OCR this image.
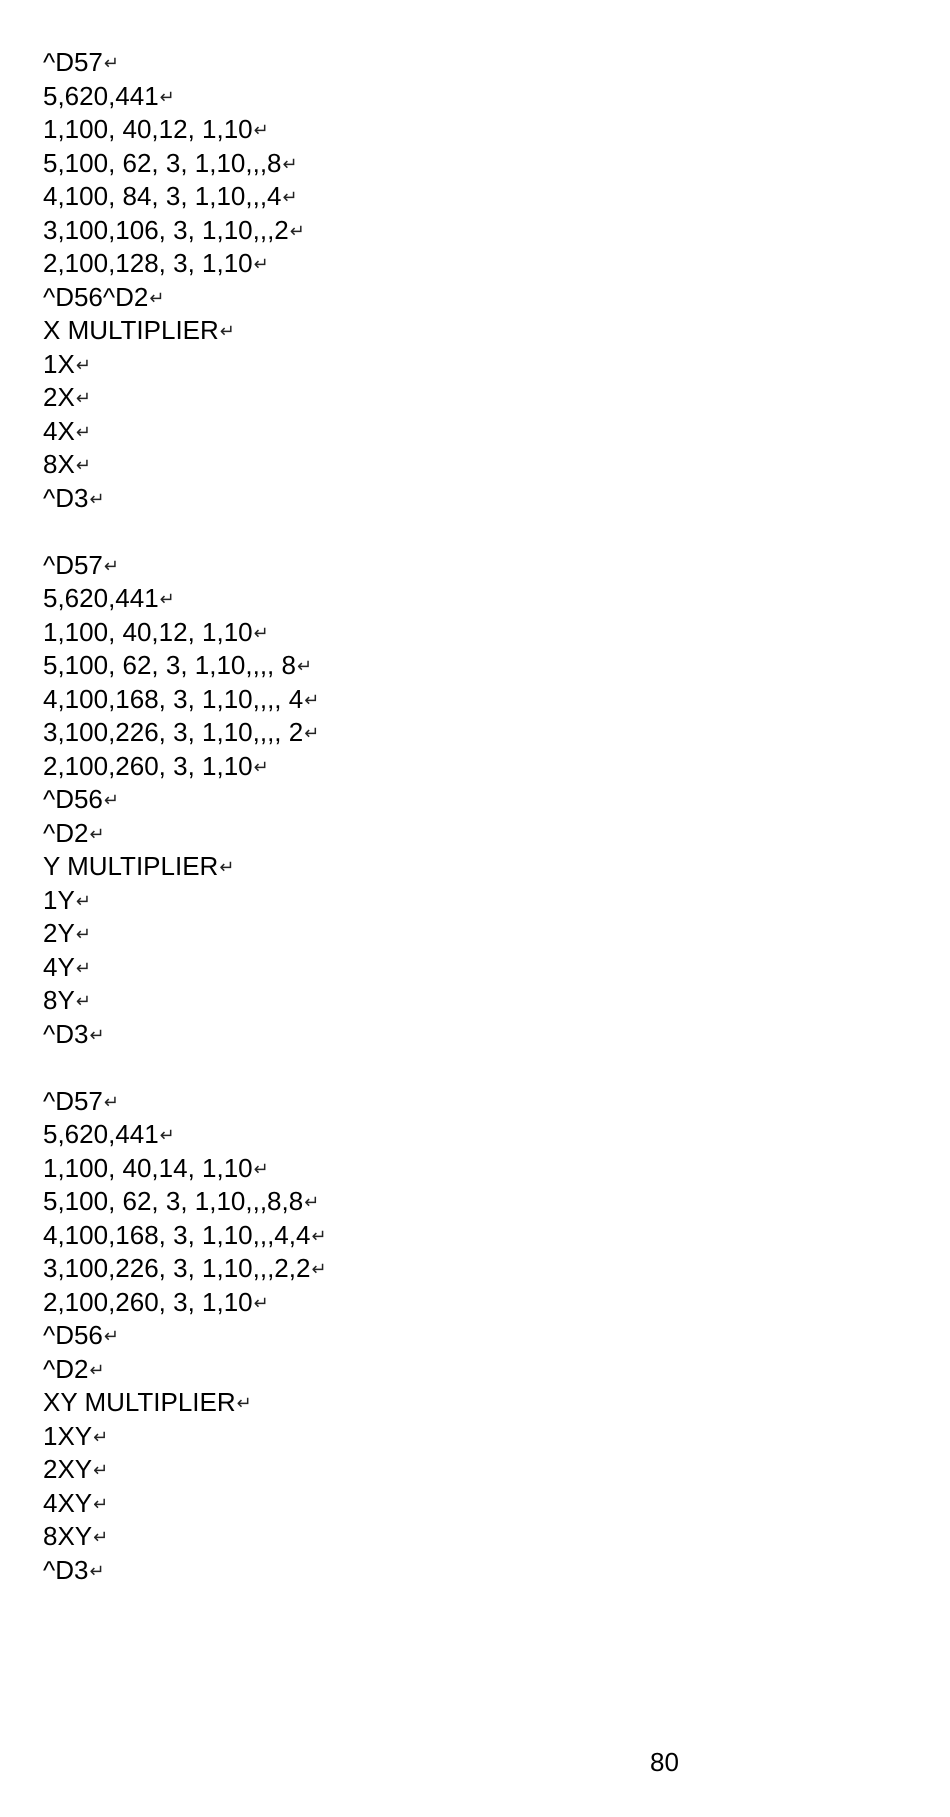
^D57↵
5,620,441↵
1,100, 40,12, 1,10↵
5,100, 62, 3, 1,10,,,8↵
4,100, 84, 3, 1,10,,,4↵
3,100,106, 3, 1,10,,,2↵
2,100,128, 3, 1,10↵
^D56^D2↵
X MULTIPLIER↵
1X↵
2X↵
4X↵
8X↵
^D3↵
^D57↵
5,620,441↵
1,100, 40,12, 1,10↵
5,100, 62, 3, 1,10,,,, 8↵
4,100,168, 3, 1,10,,,, 4↵
3,100,226, 3, 1,10,,,, 2↵
2,100,260, 3, 1,10↵
^D56↵
^D2↵
Y MULTIPLIER↵
1Y↵
2Y↵
4Y↵
8Y↵
^D3↵
^D57↵
5,620,441↵
1,100, 40,14, 1,10↵
5,100, 62, 3, 1,10,,,8,8↵
4,100,168, 3, 1,10,,,4,4↵
3,100,226, 3, 1,10,,,2,2↵
2,100,260, 3, 1,10↵
^D56↵
^D2↵
XY MULTIPLIER↵
1XY↵
2XY↵
4XY↵
8XY↵
^D3↵
80
